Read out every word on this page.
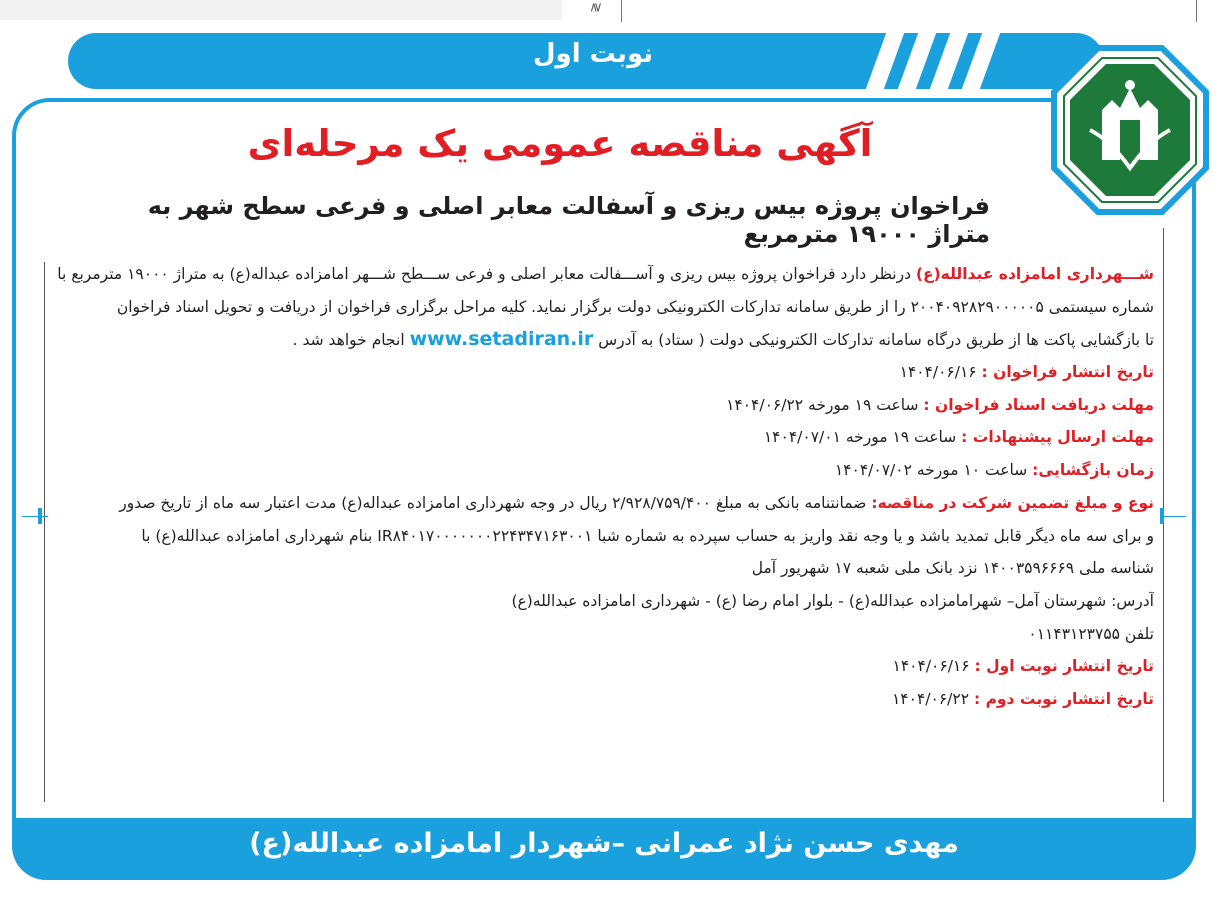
≷
نوبت اول
مهدی حسن نژاد عمرانی –شهردار امامزاده عبدالله(ع)
آگهی مناقصه عمومی یک مرحله‌ای
فراخوان پروژه بیس ریزی و آسفالت معابر اصلی و فرعی سطح شهر به متراژ ۱۹۰۰۰ مترمربع
شـــهرداری امامزاده عبدالله(ع) درنظر دارد فراخوان پروژه بیس ریزی و آســـفالت معابر اصلی و فرعی ســـطح شـــهر امامزاده عبداله(ع) به متراژ ۱۹۰۰۰ مترمربع با
شماره سیستمی ۲۰۰۴۰۹۲۸۲۹۰۰۰۰۰۵ را از طریق سامانه تدارکات الکترونیکی دولت برگزار نماید. کلیه مراحل برگزاری فراخوان از دریافت و تحویل اسناد فراخوان
تا بازگشایی پاکت ها از طریق درگاه سامانه تدارکات الکترونیکی دولت ( ستاد) به آدرس www.setadiran.ir انجام خواهد شد .
تاریخ انتشار فراخوان : ۱۴۰۴/۰۶/۱۶
مهلت دریافت اسناد فراخوان : ساعت ۱۹ مورخه ۱۴۰۴/۰۶/۲۲
مهلت ارسال پیشنهادات : ساعت ۱۹ مورخه ۱۴۰۴/۰۷/۰۱
زمان بازگشایی: ساعت ۱۰ مورخه ۱۴۰۴/۰۷/۰۲
نوع و مبلغ تضمین شرکت در مناقصه: ضمانتنامه بانکی به مبلغ ۲/۹۲۸/۷۵۹/۴۰۰ ریال در وجه شهرداری امامزاده عبداله(ع) مدت اعتبار سه ماه از تاریخ صدور
و برای سه ماه دیگر قابل تمدید باشد و یا وجه نقد واریز به حساب سپرده به شماره شبا IR۸۴۰۱۷۰۰۰۰۰۰۰۲۲۴۳۴۷۱۶۳۰۰۱ بنام شهرداری امامزاده عبدالله(ع) با
شناسه ملی ۱۴۰۰۳۵۹۶۶۶۹ نزد بانک ملی شعبه ۱۷ شهریور آمل
آدرس: شهرستان آمل– شهرامامزاده عبدالله(ع) - بلوار امام رضا (ع) - شهرداری امامزاده عبدالله(ع)
تلفن ۰۱۱۴۳۱۲۳۷۵۵
تاریخ انتشار نوبت اول : ۱۴۰۴/۰۶/۱۶
تاریخ انتشار نوبت دوم : ۱۴۰۴/۰۶/۲۲
